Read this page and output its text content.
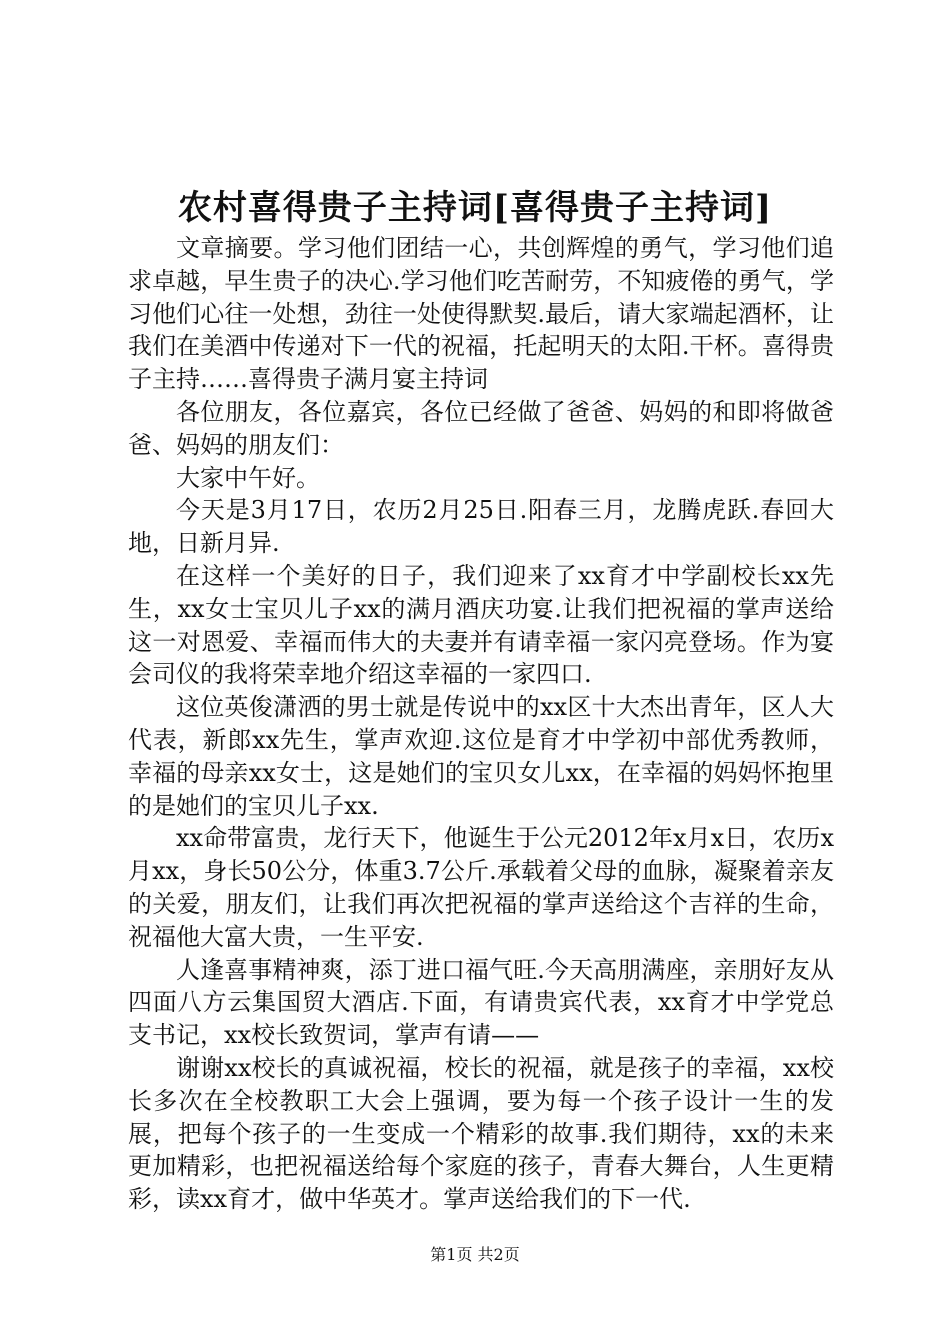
农村喜得贵子主持词[喜得贵子主持词]

文章摘要。学习他们团结一心，共创辉煌的勇气，学习他们追求卓越，早生贵子的决心.学习他们吃苦耐劳，不知疲倦的勇气，学习他们心往一处想，劲往一处使得默契.最后，请大家端起酒杯，让我们在美酒中传递对下一代的祝福，托起明天的太阳.干杯。喜得贵子主持……喜得贵子满月宴主持词

各位朋友，各位嘉宾，各位已经做了爸爸、妈妈的和即将做爸爸、妈妈的朋友们：

大家中午好。

今天是3月17日，农历2月25日.阳春三月，龙腾虎跃.春回大地，日新月异.

在这样一个美好的日子，我们迎来了xx育才中学副校长xx先生，xx女士宝贝儿子xx的满月酒庆功宴.让我们把祝福的掌声送给这一对恩爱、幸福而伟大的夫妻并有请幸福一家闪亮登场。作为宴会司仪的我将荣幸地介绍这幸福的一家四口.

这位英俊潇洒的男士就是传说中的xx区十大杰出青年，区人大代表，新郎xx先生，掌声欢迎.这位是育才中学初中部优秀教师，幸福的母亲xx女士，这是她们的宝贝女儿xx，在幸福的妈妈怀抱里的是她们的宝贝儿子xx.

xx命带富贵，龙行天下，他诞生于公元2012年x月x日，农历x月xx，身长50公分，体重3.7公斤.承载着父母的血脉，凝聚着亲友的关爱，朋友们，让我们再次把祝福的掌声送给这个吉祥的生命，祝福他大富大贵，一生平安.

人逢喜事精神爽，添丁进口福气旺.今天高朋满座，亲朋好友从四面八方云集国贸大酒店.下面，有请贵宾代表，xx育才中学党总支书记，xx校长致贺词，掌声有请——

谢谢xx校长的真诚祝福，校长的祝福，就是孩子的幸福，xx校长多次在全校教职工大会上强调，要为每一个孩子设计一生的发展，把每个孩子的一生变成一个精彩的故事.我们期待，xx的未来更加精彩，也把祝福送给每个家庭的孩子，青春大舞台，人生更精彩，读xx育才，做中华英才。掌声送给我们的下一代.

第1页 共2页
